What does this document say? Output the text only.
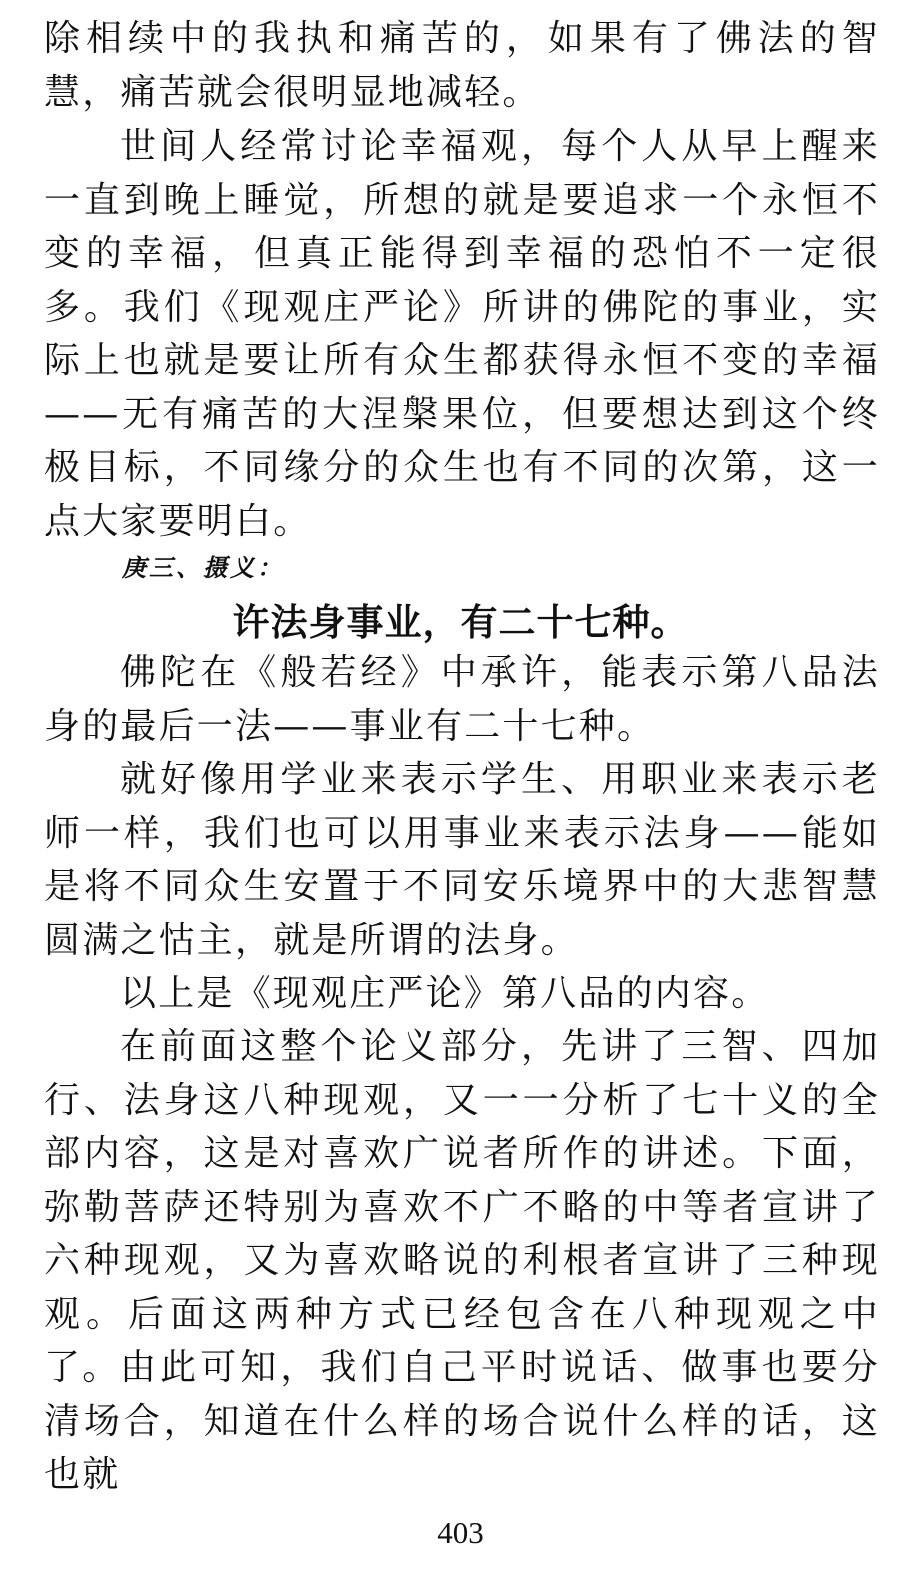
除相续中的我执和痛苦的，如果有了佛法的智慧，痛苦就会很明显地减轻。

世间人经常讨论幸福观，每个人从早上醒来一直到晚上睡觉，所想的就是要追求一个永恒不变的幸福，但真正能得到幸福的恐怕不一定很多。我们《现观庄严论》所讲的佛陀的事业，实际上也就是要让所有众生都获得永恒不变的幸福——无有痛苦的大涅槃果位，但要想达到这个终极目标，不同缘分的众生也有不同的次第，这一点大家要明白。

庚三、摄义：
许法身事业，有二十七种。

佛陀在《般若经》中承许，能表示第八品法身的最后一法——事业有二十七种。

就好像用学业来表示学生、用职业来表示老师一样，我们也可以用事业来表示法身——能如是将不同众生安置于不同安乐境界中的大悲智慧圆满之怙主，就是所谓的法身。

以上是《现观庄严论》第八品的内容。

在前面这整个论义部分，先讲了三智、四加行、法身这八种现观，又一一分析了七十义的全部内容，这是对喜欢广说者所作的讲述。下面，弥勒菩萨还特别为喜欢不广不略的中等者宣讲了六种现观，又为喜欢略说的利根者宣讲了三种现观。后面这两种方式已经包含在八种现观之中了。 由此可知，我们自己平时说话、做事也要分清场合，知道在什么样的场合说什么样的话，这也就

403
